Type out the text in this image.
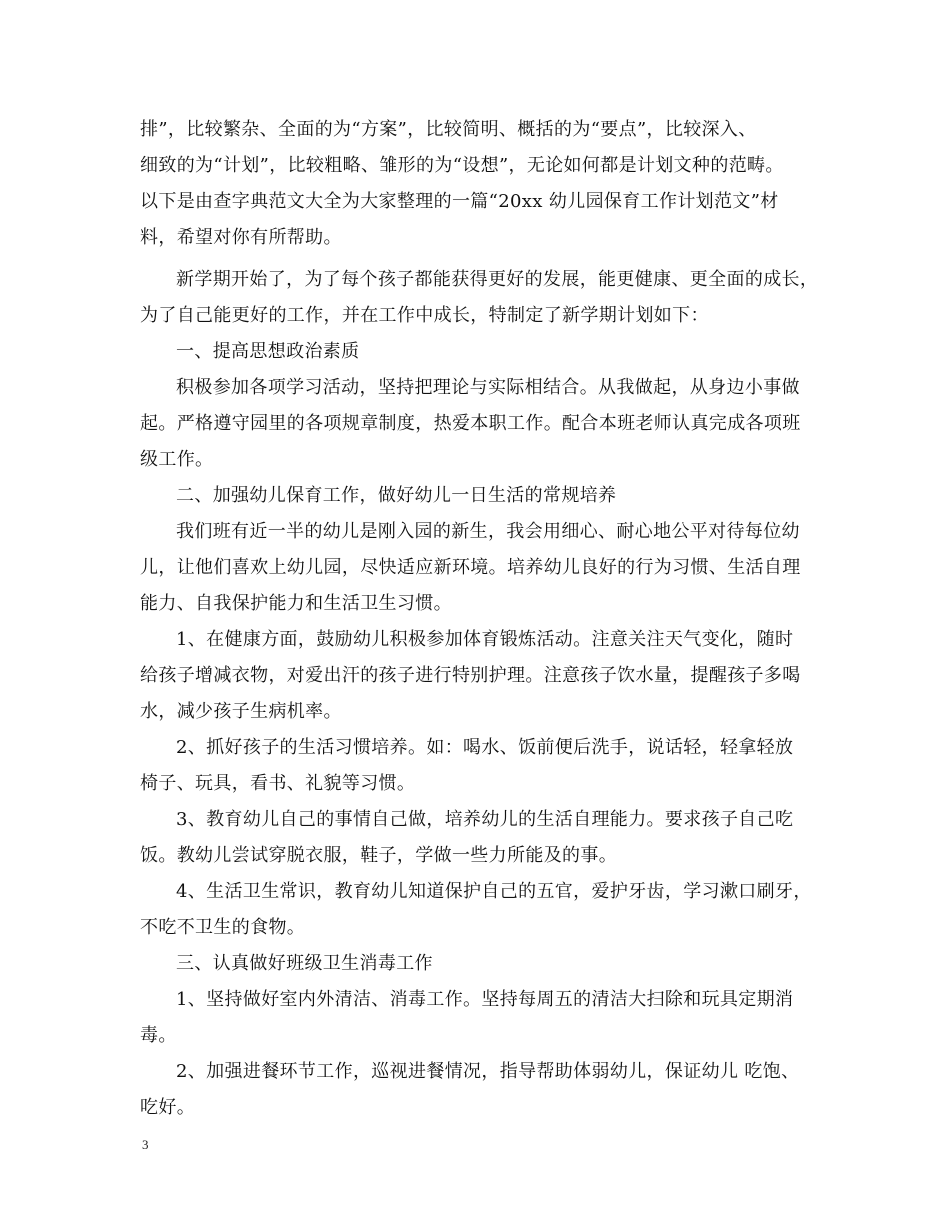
排”，比较繁杂、全面的为“方案”，比较简明、概括的为“要点”，比较深入、
细致的为“计划”，比较粗略、雏形的为“设想”，无论如何都是计划文种的范畴。
以下是由查字典范文大全为大家整理的一篇“20xx 幼儿园保育工作计划范文”材
料，希望对你有所帮助。
新学期开始了，为了每个孩子都能获得更好的发展，能更健康、更全面的成长，
为了自己能更好的工作，并在工作中成长，特制定了新学期计划如下：
一、提高思想政治素质
积极参加各项学习活动，坚持把理论与实际相结合。从我做起，从身边小事做
起。严格遵守园里的各项规章制度，热爱本职工作。配合本班老师认真完成各项班
级工作。
二、加强幼儿保育工作，做好幼儿一日生活的常规培养
我们班有近一半的幼儿是刚入园的新生，我会用细心、耐心地公平对待每位幼
儿，让他们喜欢上幼儿园，尽快适应新环境。培养幼儿良好的行为习惯、生活自理
能力、自我保护能力和生活卫生习惯。
1、在健康方面，鼓励幼儿积极参加体育锻炼活动。注意关注天气变化，随时
给孩子增减衣物，对爱出汗的孩子进行特别护理。注意孩子饮水量，提醒孩子多喝
水，减少孩子生病机率。
2、抓好孩子的生活习惯培养。如：喝水、饭前便后洗手，说话轻，轻拿轻放
椅子、玩具，看书、礼貌等习惯。
3、教育幼儿自己的事情自己做，培养幼儿的生活自理能力。要求孩子自己吃
饭。教幼儿尝试穿脱衣服，鞋子，学做一些力所能及的事。
4、生活卫生常识，教育幼儿知道保护自己的五官，爱护牙齿，学习漱口刷牙，
不吃不卫生的食物。
三、认真做好班级卫生消毒工作
1、坚持做好室内外清洁、消毒工作。坚持每周五的清洁大扫除和玩具定期消
毒。
2、加强进餐环节工作，巡视进餐情况，指导帮助体弱幼儿，保证幼儿 吃饱、
吃好。
3
